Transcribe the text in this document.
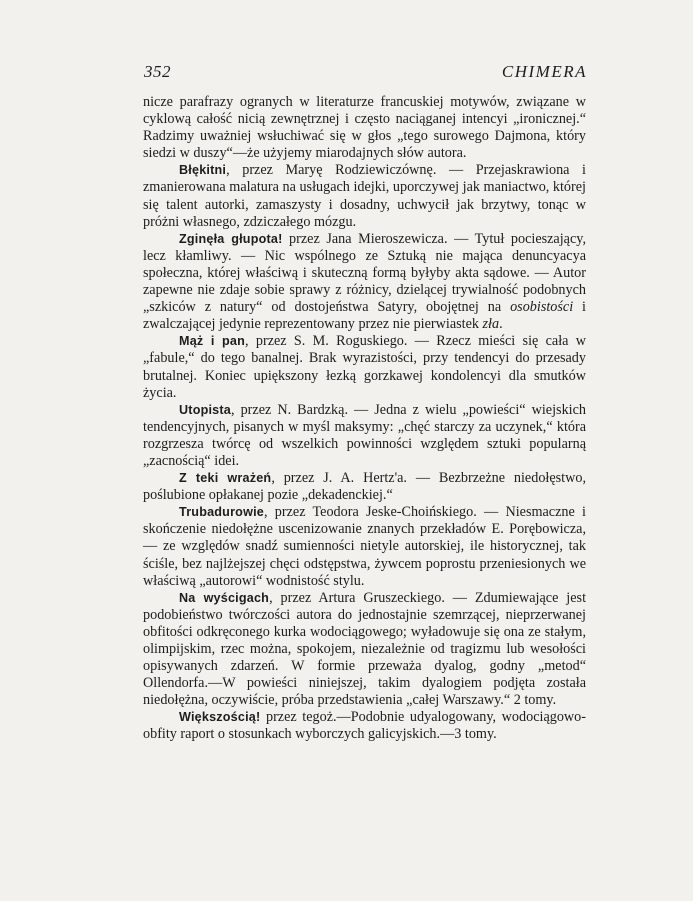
352	CHIMERA

nicze parafrazy ogranych w literaturze francuskiej motywów, związane w cyklową całość nicią zewnętrznej i często naciąganej intencyi „ironicznej.“ Radzimy uważniej wsłuchiwać się w głos „tego surowego Dajmona, który siedzi w duszy“—że użyjemy miarodajnych słów autora.

Błękitni, przez Maryę Rodziewiczównę. — Przejaskrawiona i zmanierowana malatura na usługach idejki, uporczywej jak maniactwo, której się talent autorki, zamaszysty i dosadny, uchwycił jak brzytwy, tonąc w próżni własnego, zdziczałego mózgu.

Zginęła głupota! przez Jana Mieroszewicza. — Tytuł pocieszający, lecz kłamliwy. — Nic wspólnego ze Sztuką nie mająca denuncyacya społeczna, której właściwą i skuteczną formą byłyby akta sądowe. — Autor zapewne nie zdaje sobie sprawy z różnicy, dzielącej trywialność podobnych „szkiców z natury“ od dostojeństwa Satyry, obojętnej na osobistości i zwalczającej jedynie reprezentowany przez nie pierwiastek zła.

Mąż i pan, przez S. M. Roguskiego. — Rzecz mieści się cała w „fabule,“ do tego banalnej. Brak wyrazistości, przy tendencyi do przesady brutalnej. Koniec upiększony łezką gorzkawej kondolencyi dla smutków życia.

Utopista, przez N. Bardzką. — Jedna z wielu „powieści“ wiejskich tendencyjnych, pisanych w myśl maksymy: „chęć starczy za uczynek,“ która rozgrzesza twórcę od wszelkich powinności względem sztuki popularną „zacnością“ idei.

Z teki wrażeń, przez J. A. Hertz'a. — Bezbrzeżne niedołęstwo, poślubione opłakanej pozie „dekadenckiej.“

Trubadurowie, przez Teodora Jeske-Choińskiego. — Niesmaczne i skończenie niedołężne uscenizowanie znanych przekładów E. Porębowicza, — ze względów snadź sumienności nietyle autorskiej, ile historycznej, tak ściśle, bez najlżejszej chęci odstępstwa, żywcem poprostu przeniesionych we właściwą „autorowi“ wodnistość stylu.

Na wyścigach, przez Artura Gruszeckiego. — Zdumiewające jest podobieństwo twórczości autora do jednostajnie szemrzącej, nieprzerwanej obfitości odkręconego kurka wodociągowego; wyładowuje się ona ze stałym, olimpijskim, rzec można, spokojem, niezależnie od tragizmu lub wesołości opisywanych zdarzeń. W formie przeważa dyalog, godny „metod“ Ollendorfa.—W powieści niniejszej, takim dyalogiem podjęta została niedołężna, oczywiście, próba przedstawienia „całej Warszawy.“ 2 tomy.

Większością! przez tegoż.—Podobnie udyalogowany, wodociągowo-obfity raport o stosunkach wyborczych galicyjskich.—3 tomy.
